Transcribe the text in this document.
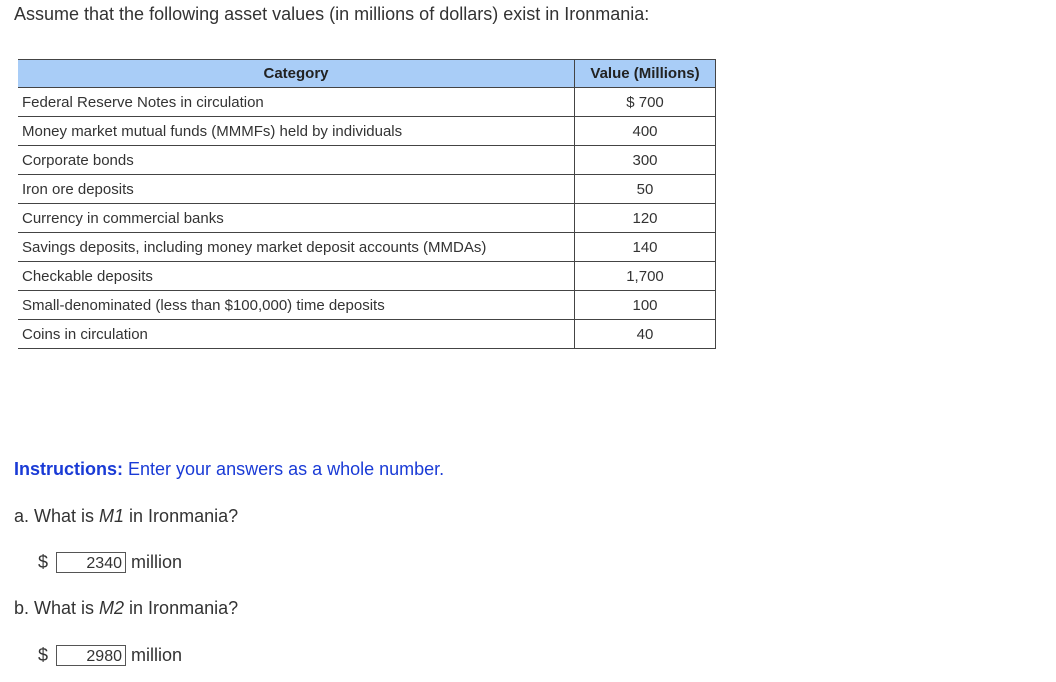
Assume that the following asset values (in millions of dollars) exist in Ironmania:
Category	Value (Millions)
Federal Reserve Notes in circulation	$ 700
Money market mutual funds (MMMFs) held by individuals	400
Corporate bonds	300
Iron ore deposits	50
Currency in commercial banks	120
Savings deposits, including money market deposit accounts (MMDAs)	140
Checkable deposits	1,700
Small-denominated (less than $100,000) time deposits	100
Coins in circulation	40
Instructions: Enter your answers as a whole number.
a. What is M1 in Ironmania?
$	2340 million
b. What is M2 in Ironmania?
$	2980 million
